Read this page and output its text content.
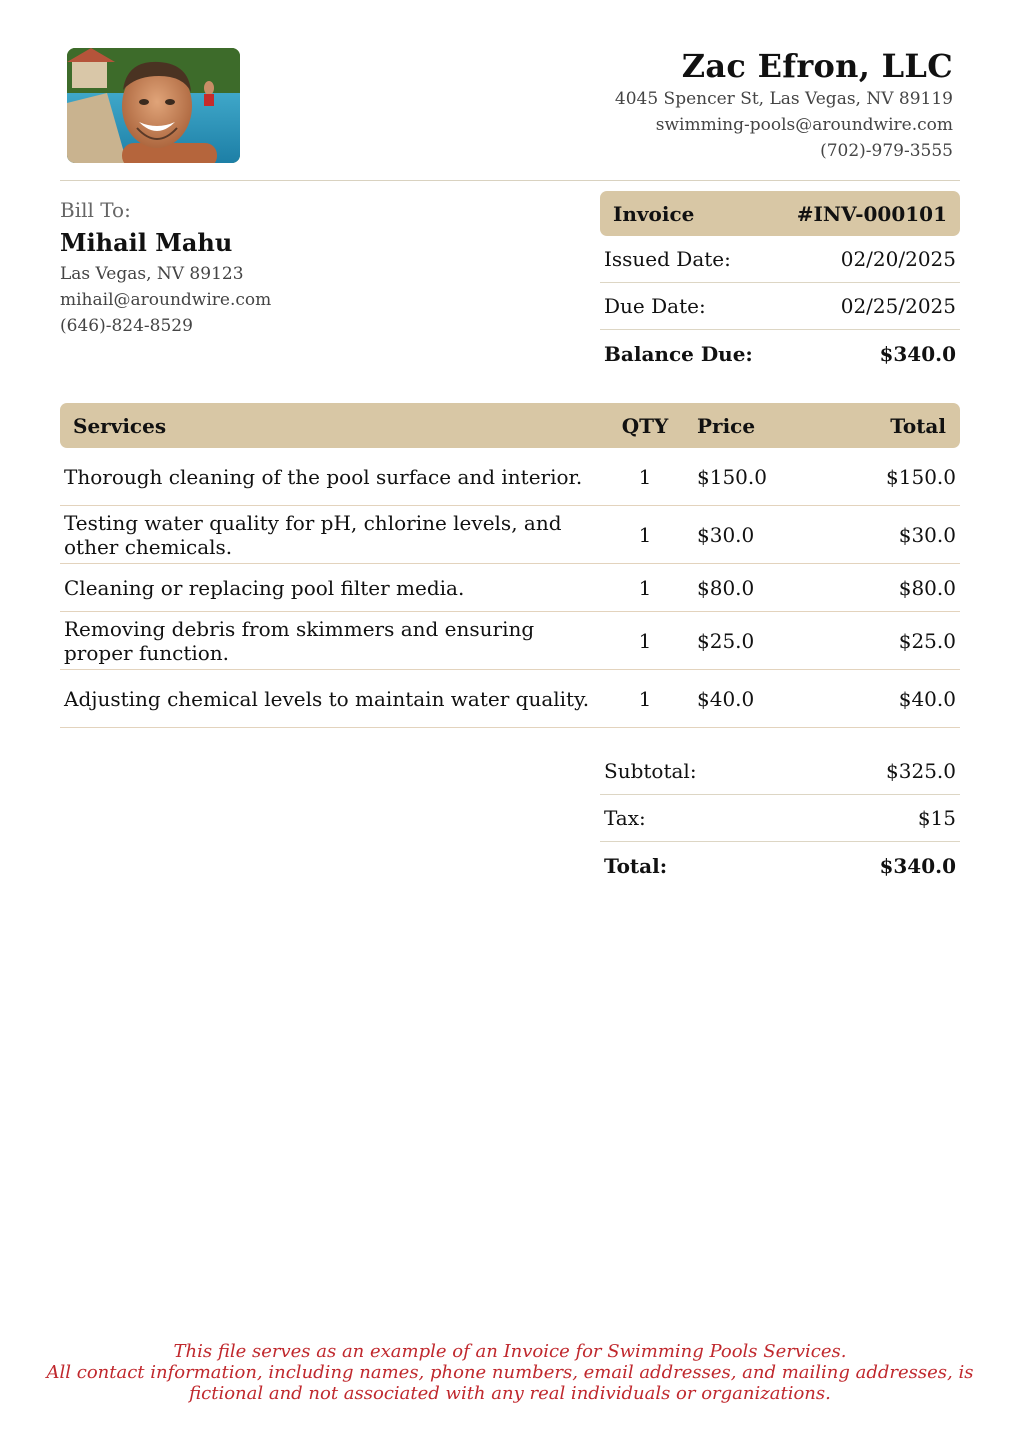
Zac Efron, LLC
4045 Spencer St, Las Vegas, NV 89119
swimming-pools@aroundwire.com
(702)-979-3555
Bill To:
Mihail Mahu
Las Vegas, NV 89123
mihail@aroundwire.com
(646)-824-8529
Invoice	#INV-000101
Issued Date:	02/20/2025
Due Date:	02/25/2025
Balance Due:	$340.0
Services	QTY	Price	Total
Thorough cleaning of the pool surface and interior.	1	$150.0	$150.0
Testing water quality for pH, chlorine levels, and other chemicals.	1	$30.0	$30.0
Cleaning or replacing pool filter media.	1	$80.0	$80.0
Removing debris from skimmers and ensuring proper function.	1	$25.0	$25.0
Adjusting chemical levels to maintain water quality.	1	$40.0	$40.0
Subtotal:	$325.0
Tax:	$15
Total:	$340.0
This file serves as an example of an Invoice for Swimming Pools Services.
All contact information, including names, phone numbers, email addresses, and mailing addresses, is
fictional and not associated with any real individuals or organizations.
